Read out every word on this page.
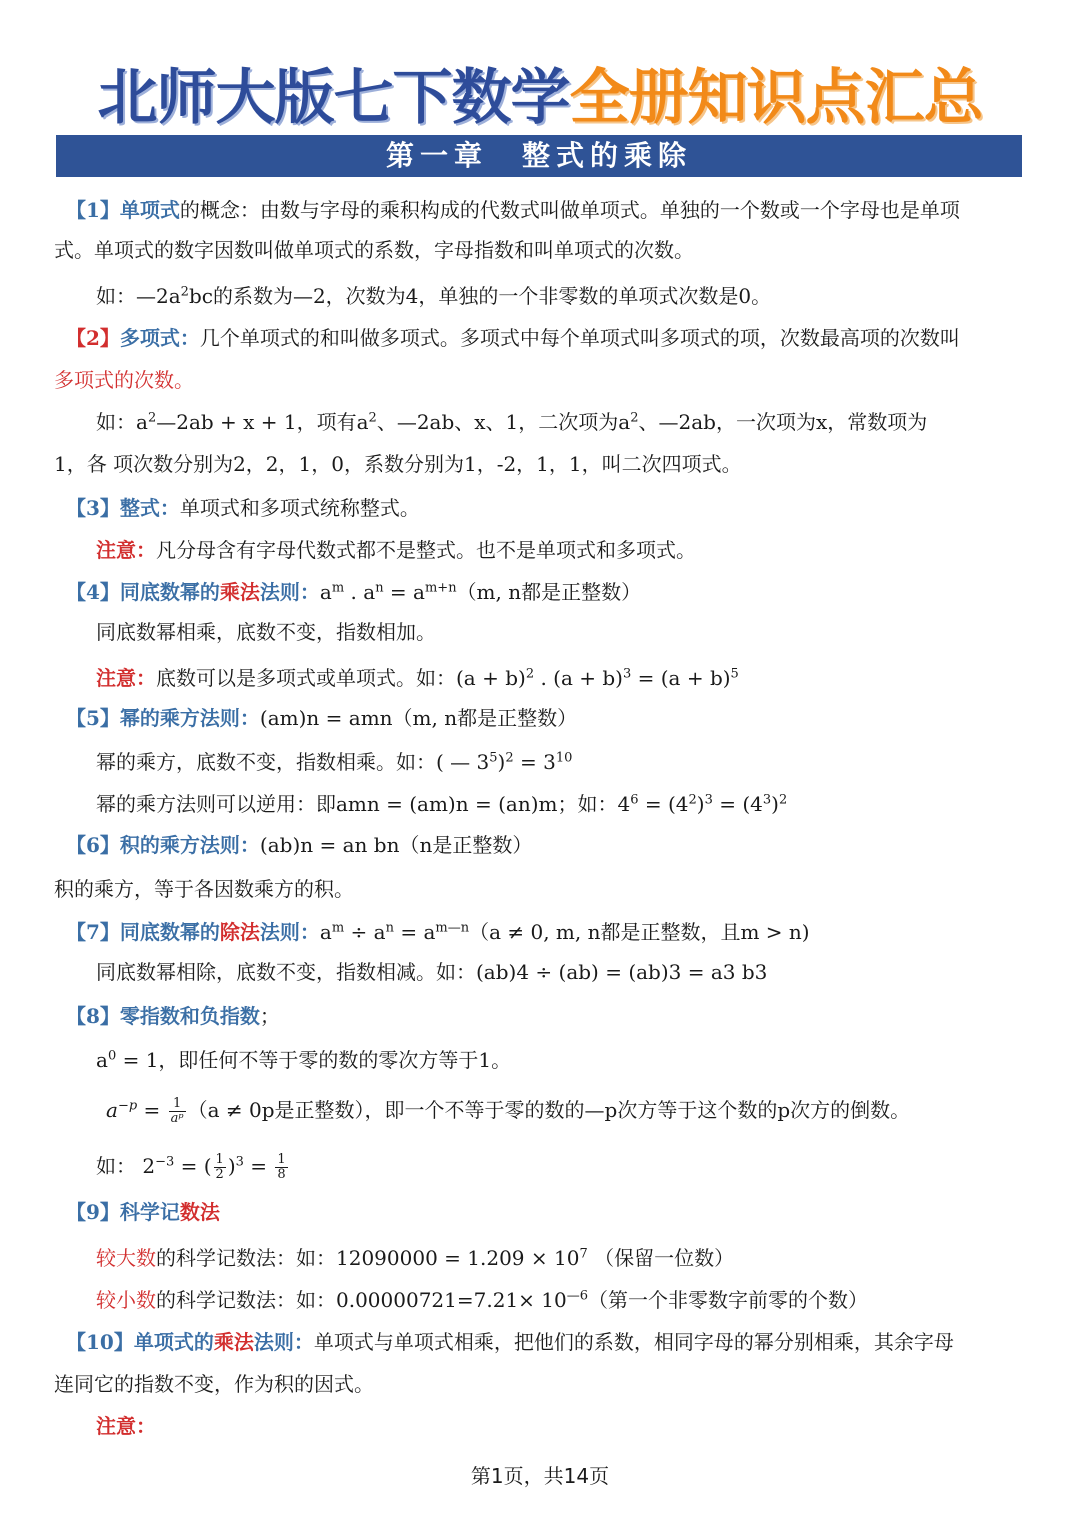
北师大版七下数学全册知识点汇总
第一章　整式的乘除
【1】单项式的概念：由数与字母的乘积构成的代数式叫做单项式。单独的一个数或一个字母也是单项
式。单项式的数字因数叫做单项式的系数，字母指数和叫单项式的次数。
如：$—2a^2bc$的系数为—2，次数为4，单独的一个非零数的单项式次数是0。
【2】多项式：几个单项式的和叫做多项式。多项式中每个单项式叫多项式的项，次数最高项的次数叫
多项式的次数。
如：$a^2—2ab + x + 1$，项有$a^2$、—2ab、x、1，二次项为$a^2$、—2ab，一次项为x，常数项为
1，各 项次数分别为2，2，1，0，系数分别为1，-2，1，1，叫二次四项式。
【3】整式：单项式和多项式统称整式。
注意：凡分母含有字母代数式都不是整式。也不是单项式和多项式。
【4】同底数幂的乘法法则：$a^m$ . $a^n = a^{m+n}(m$, n都是正整数）
同底数幂相乘，底数不变，指数相加。
注意：底数可以是多项式或单项式。如：$(a + b)^2$ . $(a + b)^3 = (a + b)^5$
【5】幂的乘方法则：(am)n = amn（m, n都是正整数）
幂的乘方，底数不变，指数相乘。如：( — $3^5)^2 = 3^{10}$
幂的乘方法则可以逆用：即amn = (am)n = (an)m；如：$4^6 = (4^2)^3 = (4^3)^2$
【6】积的乘方法则：(ab)n = an bn（n是正整数）
积的乘方，等于各因数乘方的积。
【7】同底数幂的除法法则：$a^m \div a^n = a^{m—n}(a \ne 0$, m, n都是正整数，且m > n)
同底数幂相除，底数不变，指数相减。如：(ab)4 ÷ (ab) = (ab)3 = a3 b3
【8】零指数和负指数；
$a^0 = 1$，即任何不等于零的数的零次方等于1。
$a^{-p} = \frac{1}{\text{aᵖ}} (a \ne 0p$是正整数），即一个不等于零的数的—p次方等于这个数的p次方的倒数。
如： $2^{-3}$ = ( $\frac{1}{2} )^3 = \frac{1}{8}$
【9】科学记数法
较大数的科学记数法：如：$12090000 = 1.209 \times 10^7$ （保留一位数）
较小数的科学记数法：如：$0.00000721=7.21\times 10^{—6}$（第一个非零数字前零的个数）
【10】单项式的乘法法则：单项式与单项式相乘，把他们的系数，相同字母的幂分别相乘，其余字母
连同它的指数不变，作为积的因式。
注意：
第1页，共14页
